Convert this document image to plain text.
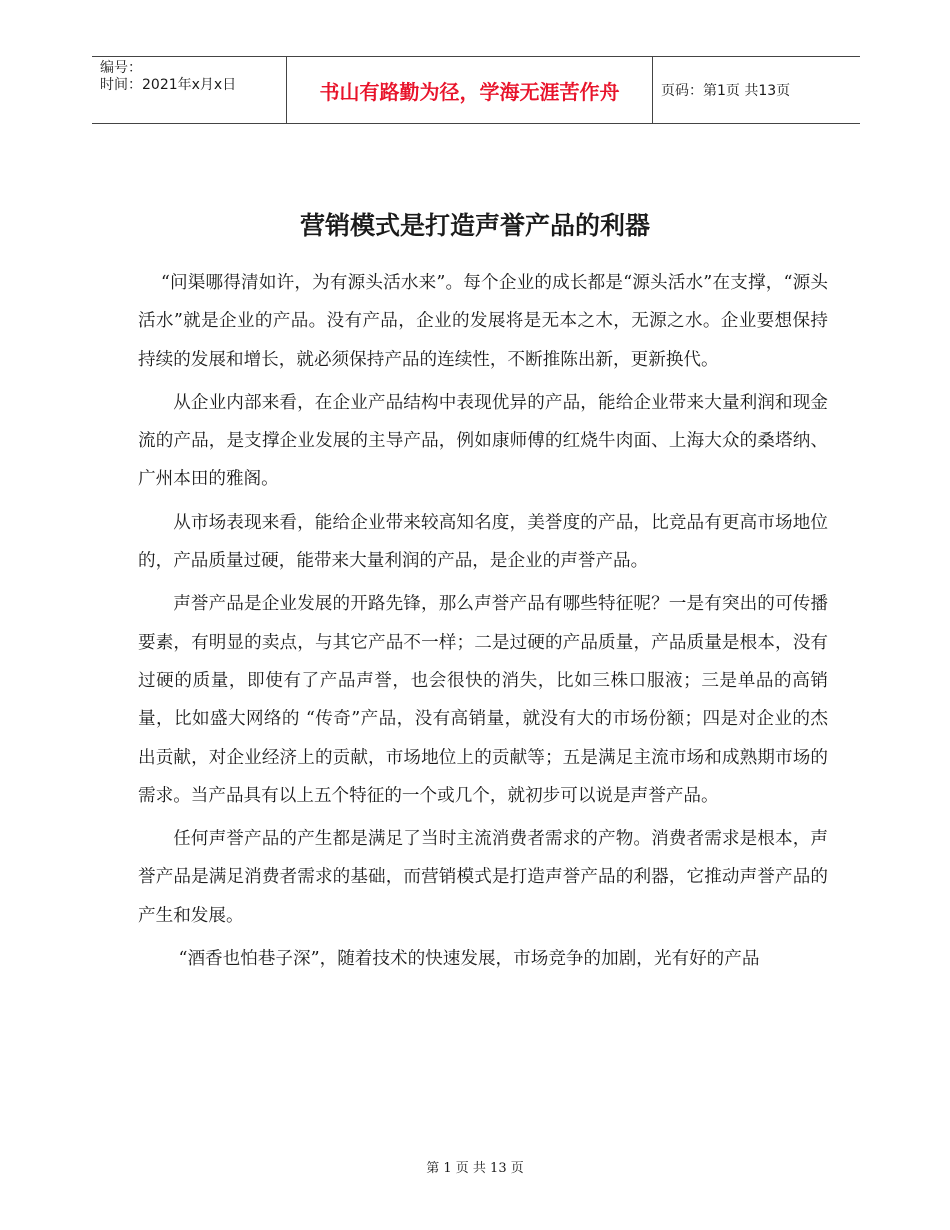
编号：
时间：2021年x月x日	书山有路勤为径，学海无涯苦作舟	页码：第1页 共13页
营销模式是打造声誉产品的利器

“问渠哪得清如许，为有源头活水来”。每个企业的成长都是“源头活水”在支撑，“源头活水”就是企业的产品。没有产品，企业的发展将是无本之木，无源之水。企业要想保持持续的发展和增长，就必须保持产品的连续性，不断推陈出新，更新换代。

从企业内部来看，在企业产品结构中表现优异的产品，能给企业带来大量利润和现金流的产品，是支撑企业发展的主导产品，例如康师傅的红烧牛肉面、上海大众的桑塔纳、广州本田的雅阁。

从市场表现来看，能给企业带来较高知名度，美誉度的产品，比竞品有更高市场地位的，产品质量过硬，能带来大量利润的产品，是企业的声誉产品。

声誉产品是企业发展的开路先锋，那么声誉产品有哪些特征呢？一是有突出的可传播要素，有明显的卖点，与其它产品不一样；二是过硬的产品质量，产品质量是根本，没有过硬的质量，即使有了产品声誉，也会很快的消失，比如三株口服液；三是单品的高销量，比如盛大网络的 “传奇”产品，没有高销量，就没有大的市场份额；四是对企业的杰出贡献，对企业经济上的贡献，市场地位上的贡献等；五是满足主流市场和成熟期市场的需求。当产品具有以上五个特征的一个或几个，就初步可以说是声誉产品。

任何声誉产品的产生都是满足了当时主流消费者需求的产物。消费者需求是根本，声誉产品是满足消费者需求的基础，而营销模式是打造声誉产品的利器，它推动声誉产品的产生和发展。

“酒香也怕巷子深”，随着技术的快速发展，市场竞争的加剧，光有好的产品

第 1 页 共 13 页
